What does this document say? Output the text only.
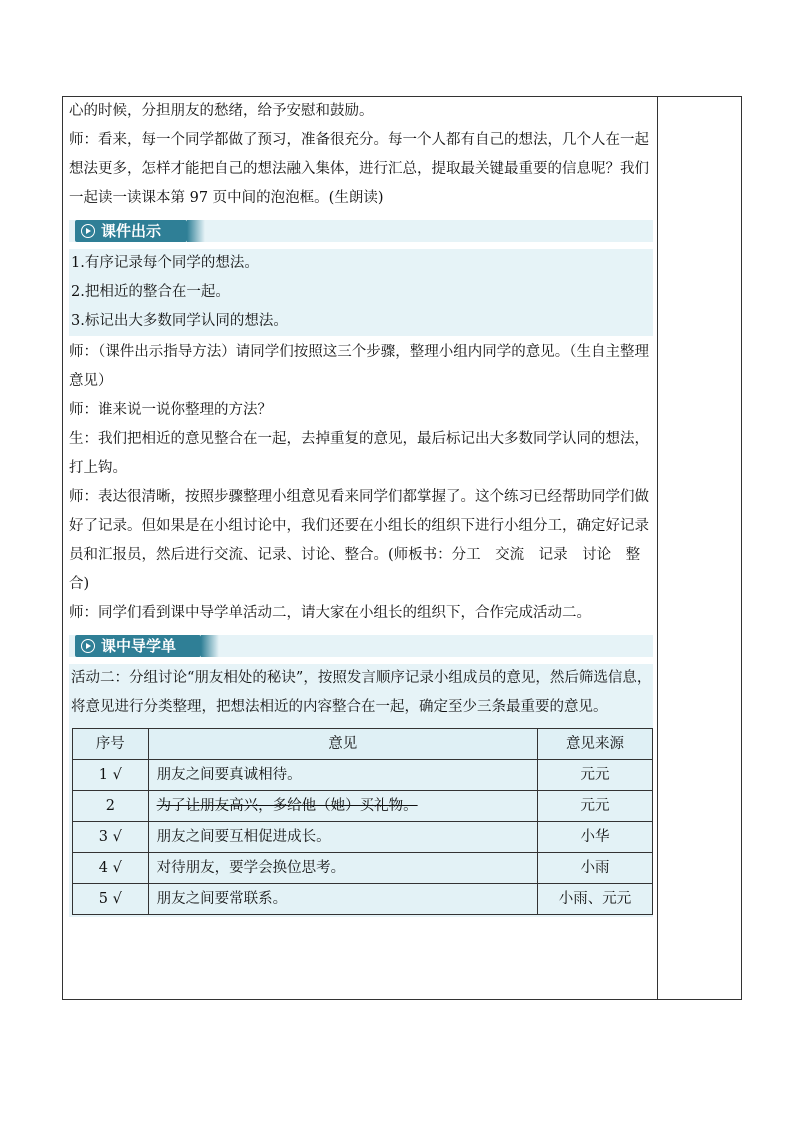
心的时候，分担朋友的愁绪，给予安慰和鼓励。

师：看来，每一个同学都做了预习，准备很充分。每一个人都有自己的想法，几个人在一起想法更多，怎样才能把自己的想法融入集体，进行汇总，提取最关键最重要的信息呢？我们一起读一读课本第 97 页中间的泡泡框。(生朗读)

课件出示

1.有序记录每个同学的想法。

2.把相近的整合在一起。

3.标记出大多数同学认同的想法。

师：（课件出示指导方法）请同学们按照这三个步骤，整理小组内同学的意见。（生自主整理意见）

师：谁来说一说你整理的方法？

生：我们把相近的意见整合在一起，去掉重复的意见，最后标记出大多数同学认同的想法，打上钩。

师：表达很清晰，按照步骤整理小组意见看来同学们都掌握了。这个练习已经帮助同学们做好了记录。但如果是在小组讨论中，我们还要在小组长的组织下进行小组分工，确定好记录员和汇报员，然后进行交流、记录、讨论、整合。(师板书：分工　交流　记录　讨论　整合)

师：同学们看到课中导学单活动二，请大家在小组长的组织下，合作完成活动二。

课中导学单

活动二：分组讨论“朋友相处的秘诀”，按照发言顺序记录小组成员的意见，然后筛选信息，将意见进行分类整理，把想法相近的内容整合在一起，确定至少三条最重要的意见。

序号	意见	意见来源
1 √	朋友之间要真诚相待。	元元
2	为了让朋友高兴，多给他（她）买礼物。	元元
3 √	朋友之间要互相促进成长。	小华
4 √	对待朋友，要学会换位思考。	小雨
5 √	朋友之间要常联系。	小雨、元元
